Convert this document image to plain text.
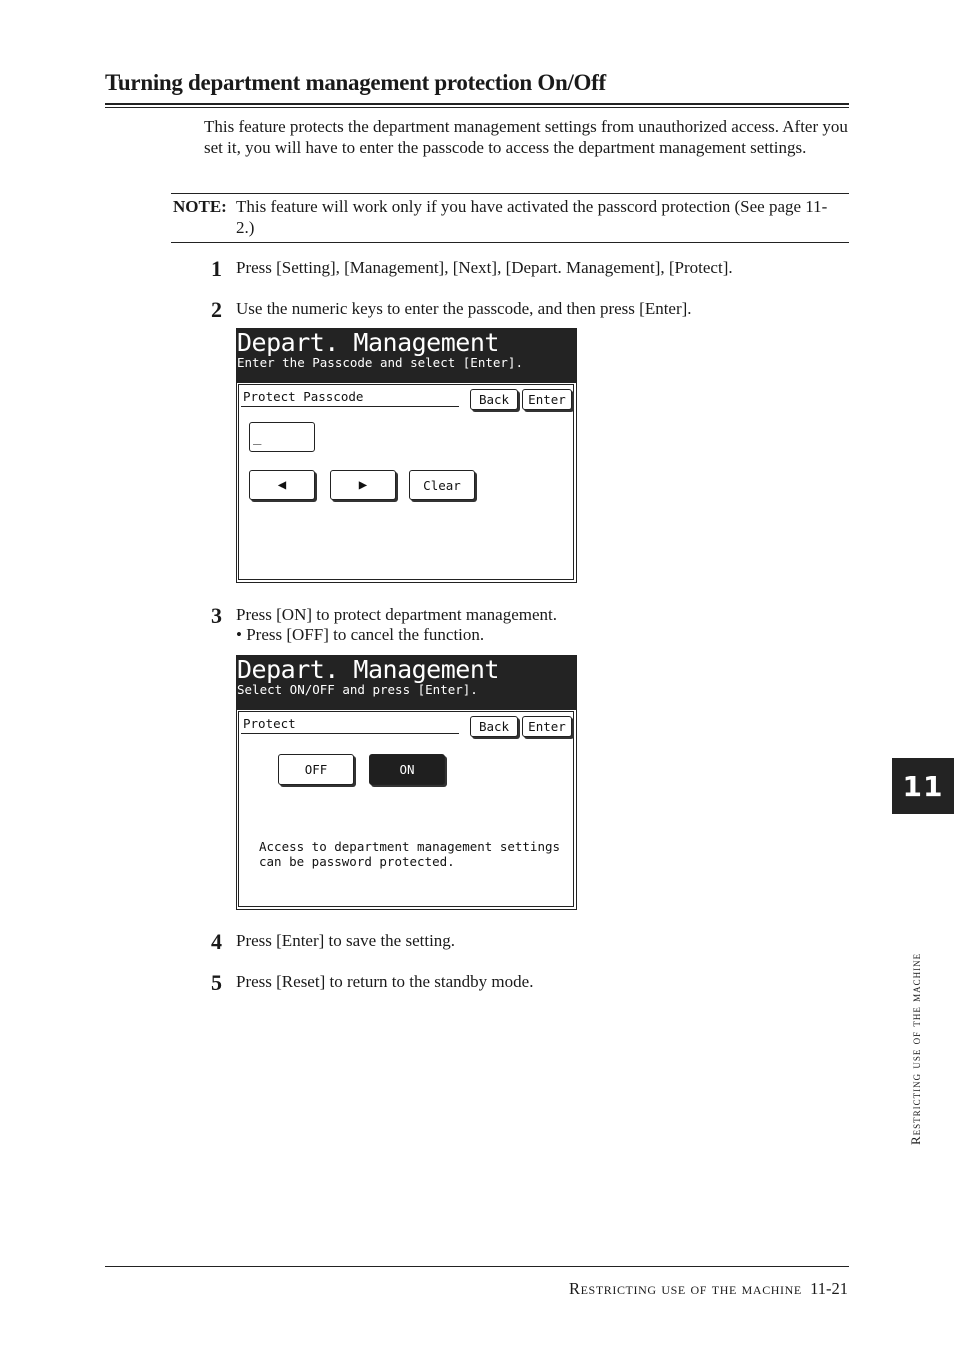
Turning department management protection On/Off
This feature protects the department management settings from unauthorized access. After you set it, you will have to enter the passcode to access the department management settings.
NOTE: This feature will work only if you have activated the passcord protection (See page 11-2.)
1 Press [Setting], [Management], [Next], [Depart. Management], [Protect].
2 Use the numeric keys to enter the passcode, and then press [Enter].
Depart. Management
Enter the Passcode and select [Enter].
Protect Passcode	Back	Enter
_
◀	▶	Clear
3 Press [ON] to protect department management.
• Press [OFF] to cancel the function.
Depart. Management
Select ON/OFF and press [Enter].
Protect	Back	Enter
OFF	ON
Access to department management settings
can be password protected.
4 Press [Enter] to save the setting.
5 Press [Reset] to return to the standby mode.
11
Restricting use of the machine
Restricting use of the machine 11-21
